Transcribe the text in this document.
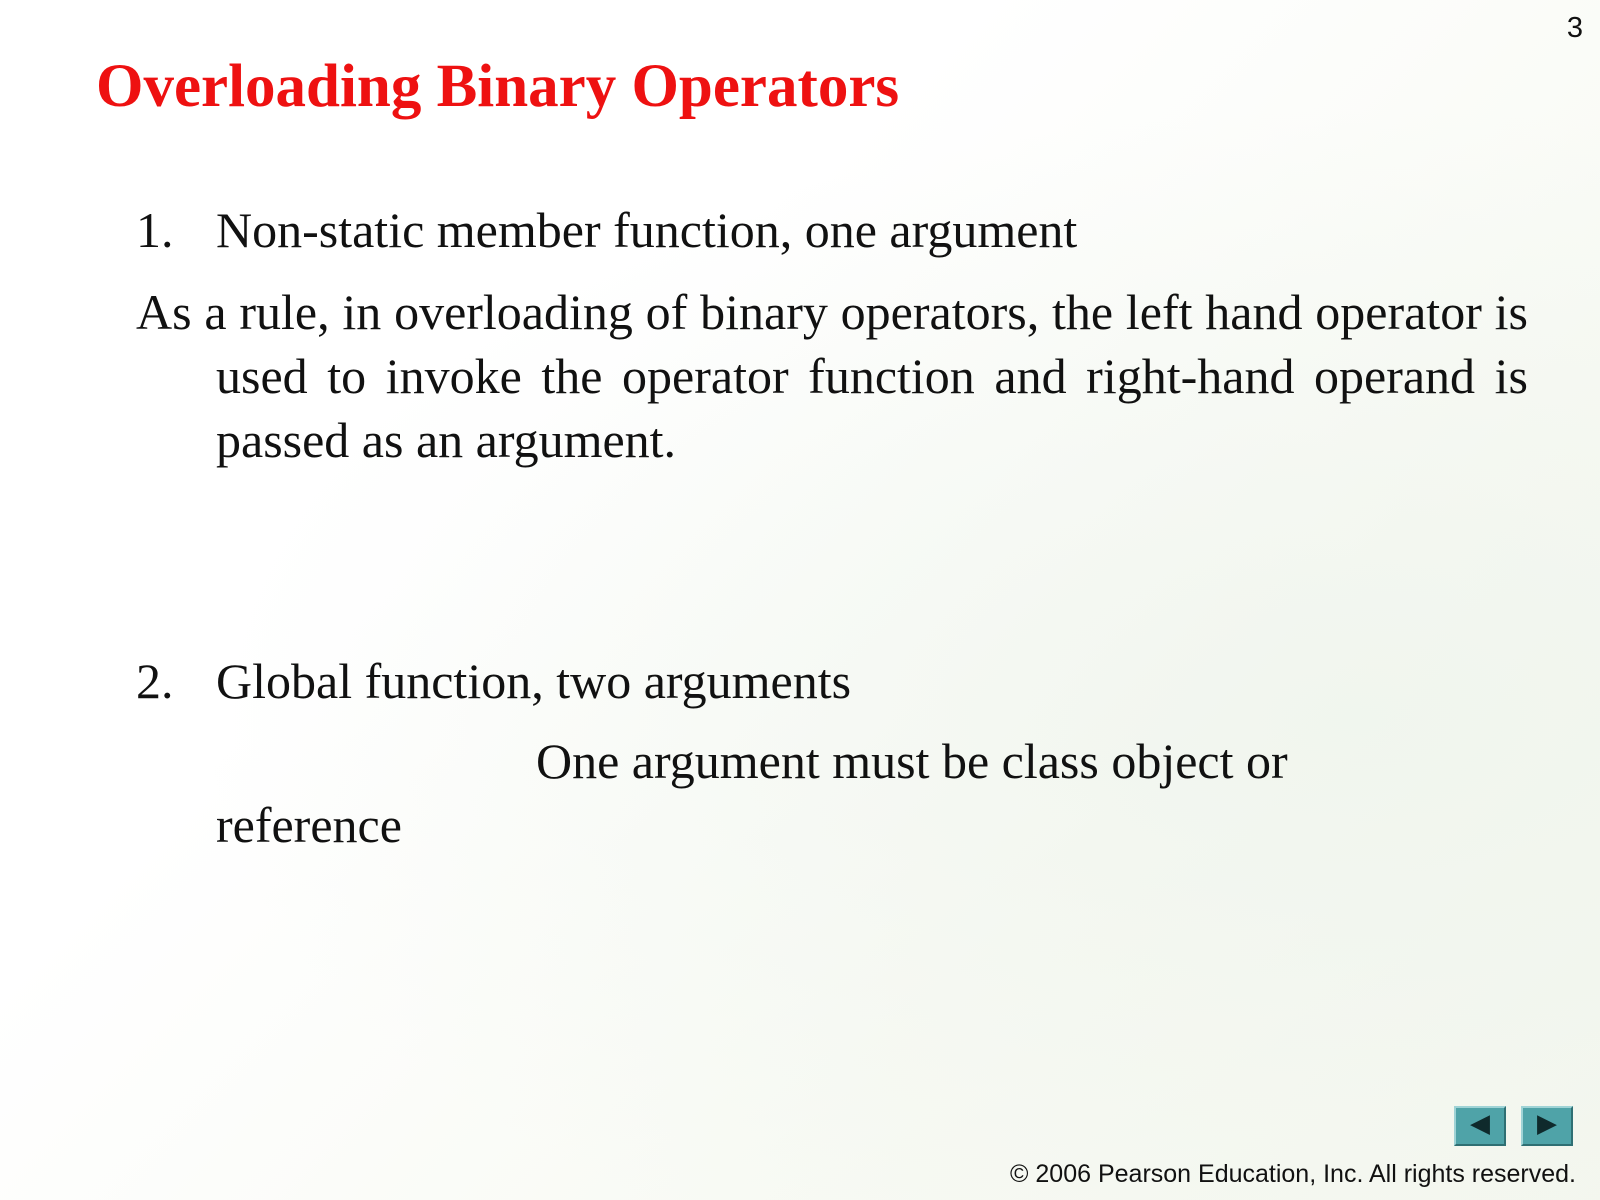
3
Overloading Binary Operators
1. Non-static member function, one argument

As a rule, in overloading of binary operators, the left hand operator is used to invoke the operator function and right-hand operand is passed as an argument.

2. Global function, two arguments
One argument must be class object or
reference
© 2006 Pearson Education, Inc. All rights reserved.
